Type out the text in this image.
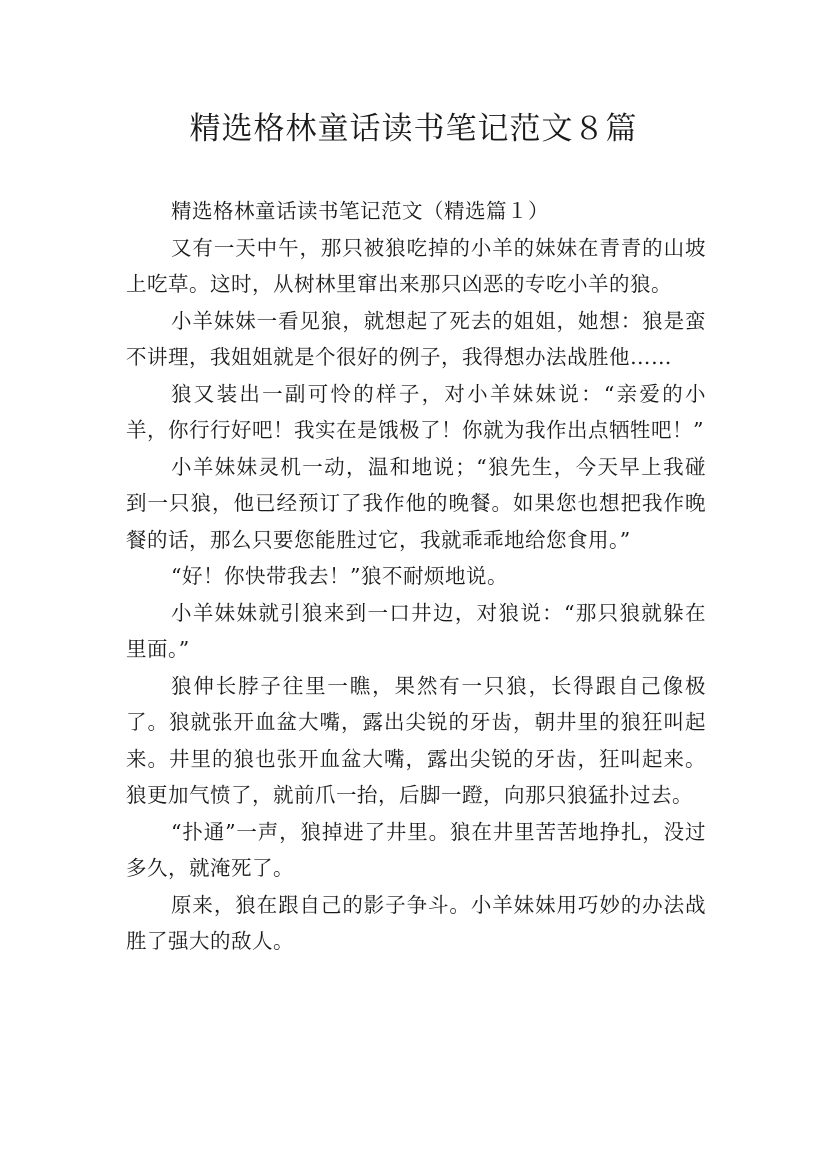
精选格林童话读书笔记范文８篇

精选格林童话读书笔记范文（精选篇１）

又有一天中午，那只被狼吃掉的小羊的妹妹在青青的山坡上吃草。这时，从树林里窜出来那只凶恶的专吃小羊的狼。

小羊妹妹一看见狼，就想起了死去的姐姐，她想：狼是蛮不讲理，我姐姐就是个很好的例子，我得想办法战胜他……

狼又装出一副可怜的样子，对小羊妹妹说：“亲爱的小羊，你行行好吧！我实在是饿极了！你就为我作出点牺牲吧！”

小羊妹妹灵机一动，温和地说；“狼先生，今天早上我碰到一只狼，他已经预订了我作他的晚餐。如果您也想把我作晚餐的话，那么只要您能胜过它，我就乖乖地给您食用。”

“好！你快带我去！”狼不耐烦地说。

小羊妹妹就引狼来到一口井边，对狼说：“那只狼就躲在里面。”

狼伸长脖子往里一瞧，果然有一只狼，长得跟自己像极了。狼就张开血盆大嘴，露出尖锐的牙齿，朝井里的狼狂叫起来。井里的狼也张开血盆大嘴，露出尖锐的牙齿，狂叫起来。狼更加气愤了，就前爪一抬，后脚一蹬，向那只狼猛扑过去。

“扑通”一声，狼掉进了井里。狼在井里苦苦地挣扎，没过多久，就淹死了。

原来，狼在跟自己的影子争斗。小羊妹妹用巧妙的办法战胜了强大的敌人。
